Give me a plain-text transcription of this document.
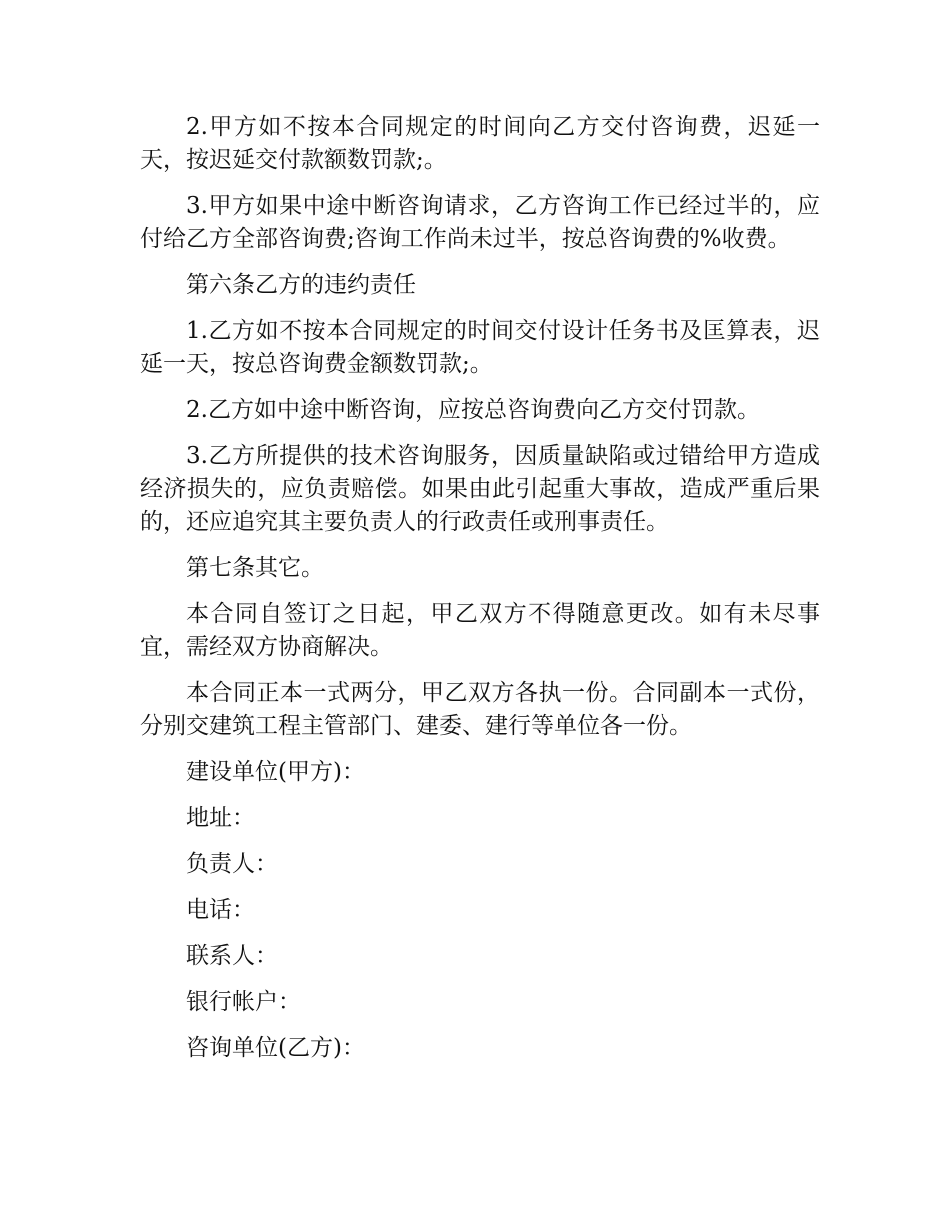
2.甲方如不按本合同规定的时间向乙方交付咨询费，迟延一天，按迟延交付款额数罚款;。

3.甲方如果中途中断咨询请求，乙方咨询工作已经过半的，应付给乙方全部咨询费;咨询工作尚未过半，按总咨询费的%收费。

第六条乙方的违约责任

1.乙方如不按本合同规定的时间交付设计任务书及匡算表，迟延一天，按总咨询费金额数罚款;。

2.乙方如中途中断咨询，应按总咨询费向乙方交付罚款。

3.乙方所提供的技术咨询服务，因质量缺陷或过错给甲方造成经济损失的，应负责赔偿。如果由此引起重大事故，造成严重后果的，还应追究其主要负责人的行政责任或刑事责任。

第七条其它。

本合同自签订之日起，甲乙双方不得随意更改。如有未尽事宜，需经双方协商解决。

本合同正本一式两分，甲乙双方各执一份。合同副本一式份，分别交建筑工程主管部门、建委、建行等单位各一份。

建设单位(甲方)：

地址：

负责人：

电话：

联系人：

银行帐户：

咨询单位(乙方)：
